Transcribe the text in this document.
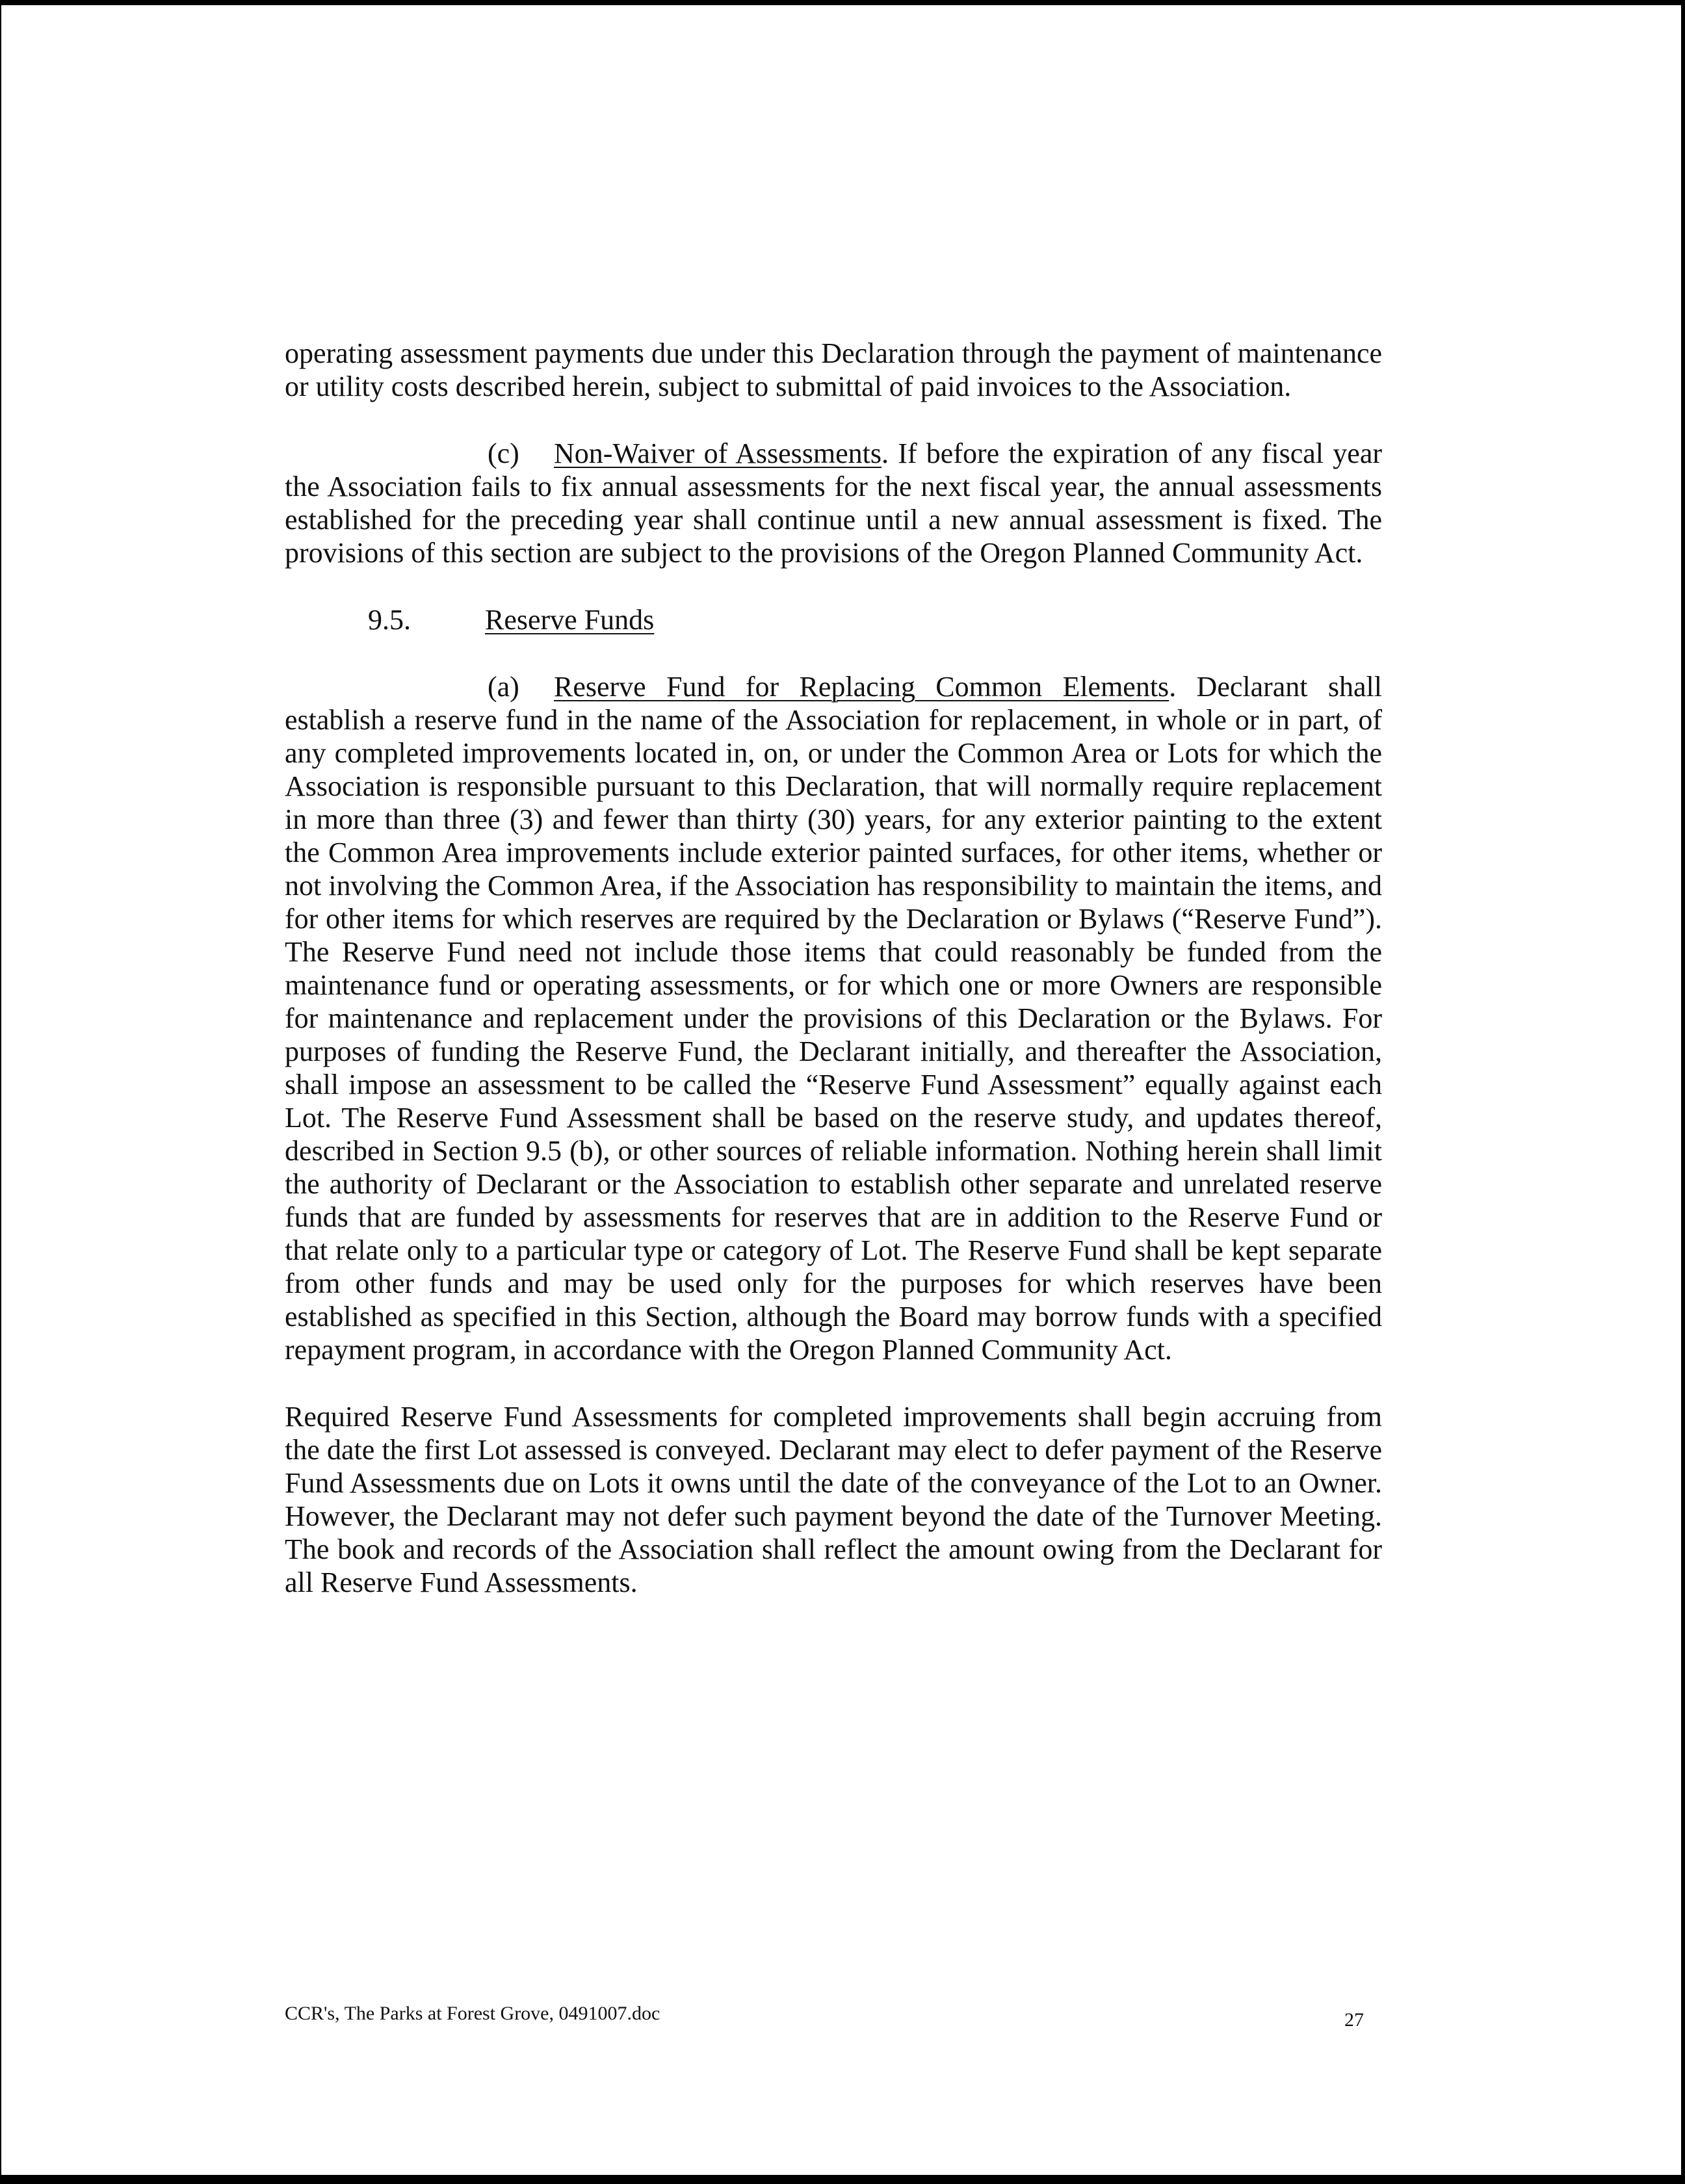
operating assessment payments due under this Declaration through the payment of maintenance or utility costs described herein, subject to submittal of paid invoices to the Association.

(c) Non-Waiver of Assessments. If before the expiration of any fiscal year the Association fails to fix annual assessments for the next fiscal year, the annual assessments established for the preceding year shall continue until a new annual assessment is fixed. The provisions of this section are subject to the provisions of the Oregon Planned Community Act.

9.5.	Reserve Funds

(a) Reserve Fund for Replacing Common Elements. Declarant shall establish a reserve fund in the name of the Association for replacement, in whole or in part, of any completed improvements located in, on, or under the Common Area or Lots for which the Association is responsible pursuant to this Declaration, that will normally require replacement in more than three (3) and fewer than thirty (30) years, for any exterior painting to the extent the Common Area improvements include exterior painted surfaces, for other items, whether or not involving the Common Area, if the Association has responsibility to maintain the items, and for other items for which reserves are required by the Declaration or Bylaws (“Reserve Fund”). The Reserve Fund need not include those items that could reasonably be funded from the maintenance fund or operating assessments, or for which one or more Owners are responsible for maintenance and replacement under the provisions of this Declaration or the Bylaws. For purposes of funding the Reserve Fund, the Declarant initially, and thereafter the Association, shall impose an assessment to be called the “Reserve Fund Assessment” equally against each Lot. The Reserve Fund Assessment shall be based on the reserve study, and updates thereof, described in Section 9.5 (b), or other sources of reliable information. Nothing herein shall limit the authority of Declarant or the Association to establish other separate and unrelated reserve funds that are funded by assessments for reserves that are in addition to the Reserve Fund or that relate only to a particular type or category of Lot. The Reserve Fund shall be kept separate from other funds and may be used only for the purposes for which reserves have been established as specified in this Section, although the Board may borrow funds with a specified repayment program, in accordance with the Oregon Planned Community Act.

Required Reserve Fund Assessments for completed improvements shall begin accruing from the date the first Lot assessed is conveyed. Declarant may elect to defer payment of the Reserve Fund Assessments due on Lots it owns until the date of the conveyance of the Lot to an Owner. However, the Declarant may not defer such payment beyond the date of the Turnover Meeting. The book and records of the Association shall reflect the amount owing from the Declarant for all Reserve Fund Assessments.

CCR's, The Parks at Forest Grove, 0491007.doc	27
